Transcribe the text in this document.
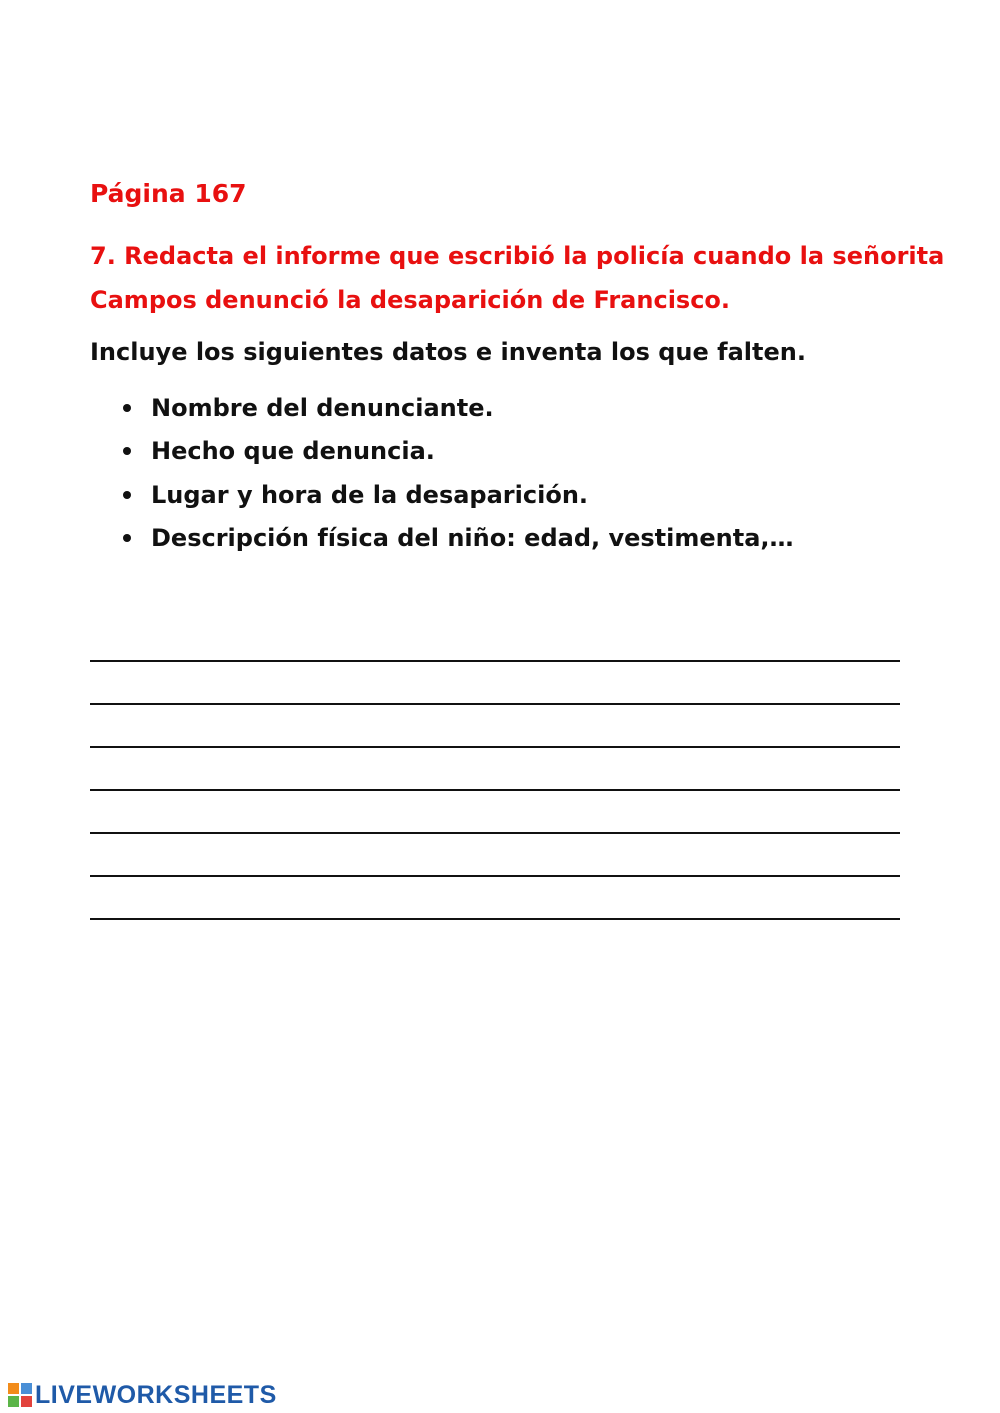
Página 167
7. Redacta el informe que escribió la policía cuando la señorita
Campos denunció la desaparición de Francisco.
Incluye los siguientes datos e inventa los que falten.
Nombre del denunciante.
Hecho que denuncia.
Lugar y hora de la desaparición.
Descripción física del niño: edad, vestimenta,…
LIVEWORKSHEETS
